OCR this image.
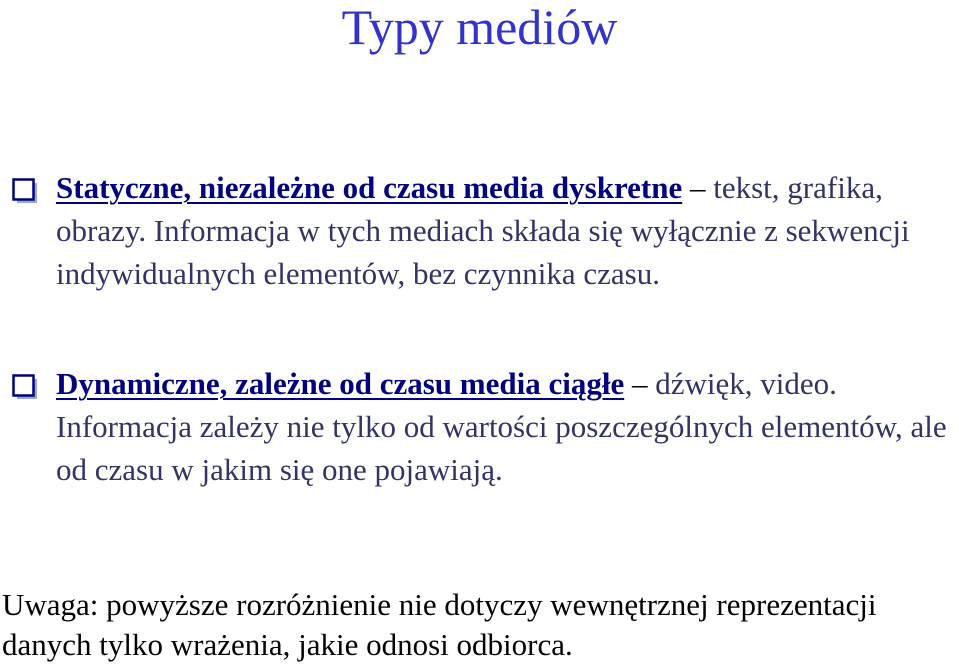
Typy mediów
Statyczne, niezależne od czasu media dyskretne – tekst, grafika, obrazy. Informacja w tych mediach składa się wyłącznie z sekwencji indywidualnych elementów, bez czynnika czasu.
Dynamiczne, zależne od czasu media ciągłe – dźwięk, video. Informacja zależy nie tylko od wartości poszczególnych elementów, ale od czasu w jakim się one pojawiają.
Uwaga: powyższe rozróżnienie nie dotyczy wewnętrznej reprezentacji danych tylko wrażenia, jakie odnosi odbiorca.
